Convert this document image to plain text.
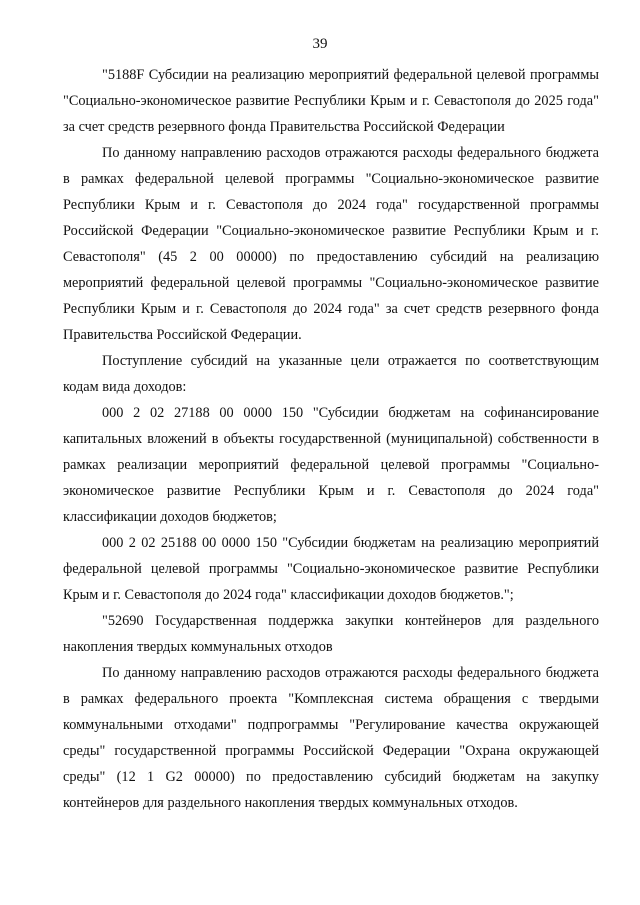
39

"5188F Субсидии на реализацию мероприятий федеральной целевой программы "Социально-экономическое развитие Республики Крым и г. Севастополя до 2025 года" за счет средств резервного фонда Правительства Российской Федерации

По данному направлению расходов отражаются расходы федерального бюджета в рамках федеральной целевой программы "Социально-экономическое развитие Республики Крым и г. Севастополя до 2024 года" государственной программы Российской Федерации "Социально-экономическое развитие Республики Крым и г. Севастополя" (45 2 00 00000) по предоставлению субсидий на реализацию мероприятий федеральной целевой программы "Социально-экономическое развитие Республики Крым и г. Севастополя до 2024 года" за счет средств резервного фонда Правительства Российской Федерации.

Поступление субсидий на указанные цели отражается по соответствующим кодам вида доходов:

000 2 02 27188 00 0000 150 "Субсидии бюджетам на софинансирование капитальных вложений в объекты государственной (муниципальной) собственности в рамках реализации мероприятий федеральной целевой программы "Социально-экономическое развитие Республики Крым и г. Севастополя до 2024 года" классификации доходов бюджетов;

000 2 02 25188 00 0000 150 "Субсидии бюджетам на реализацию мероприятий федеральной целевой программы "Социально-экономическое развитие Республики Крым и г. Севастополя до 2024 года" классификации доходов бюджетов.";

"52690 Государственная поддержка закупки контейнеров для раздельного накопления твердых коммунальных отходов

По данному направлению расходов отражаются расходы федерального бюджета в рамках федерального проекта "Комплексная система обращения с твердыми коммунальными отходами" подпрограммы "Регулирование качества окружающей среды" государственной программы Российской Федерации "Охрана окружающей среды" (12 1 G2 00000) по предоставлению субсидий бюджетам на закупку контейнеров для раздельного накопления твердых коммунальных отходов.
